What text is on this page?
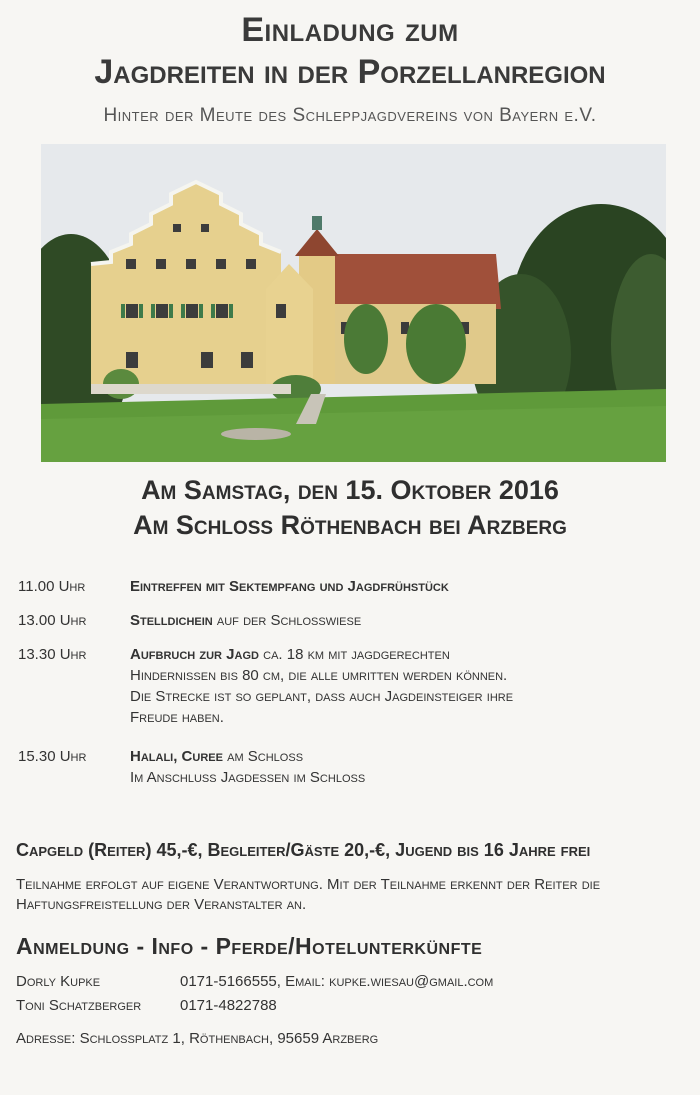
Einladung zum
Jagdreiten in der Porzellanregion
Hinter der Meute des Schleppjagdvereins von Bayern e.V.
Am Samstag, den 15. Oktober 2016
Am Schloss Röthenbach bei Arzberg
11.00 Uhr	Eintreffen mit Sektempfang und Jagdfrühstück
13.00 Uhr	Stelldichein auf der Schlosswiese
13.30 Uhr	Aufbruch zur Jagd ca. 18 km mit jagdgerechten Hindernissen bis 80 cm, die alle umritten werden können. Die Strecke ist so geplant, dass auch Jagdeinsteiger ihre Freude haben.
15.30 Uhr	Halali, Curee am Schloss
Im Anschluss Jagdessen im Schloss
Capgeld (Reiter) 45,-€, Begleiter/Gäste 20,-€, Jugend bis 16 Jahre frei
Teilnahme erfolgt auf eigene Verantwortung. Mit der Teilnahme erkennt der Reiter die Haftungsfreistellung der Veranstalter an.
Anmeldung - Info - Pferde/Hotelunterkünfte
Dorly Kupke	0171-5166555, Email: kupke.wiesau@gmail.com
Toni Schatzberger	0171-4822788
Adresse: Schlossplatz 1, Röthenbach, 95659 Arzberg
